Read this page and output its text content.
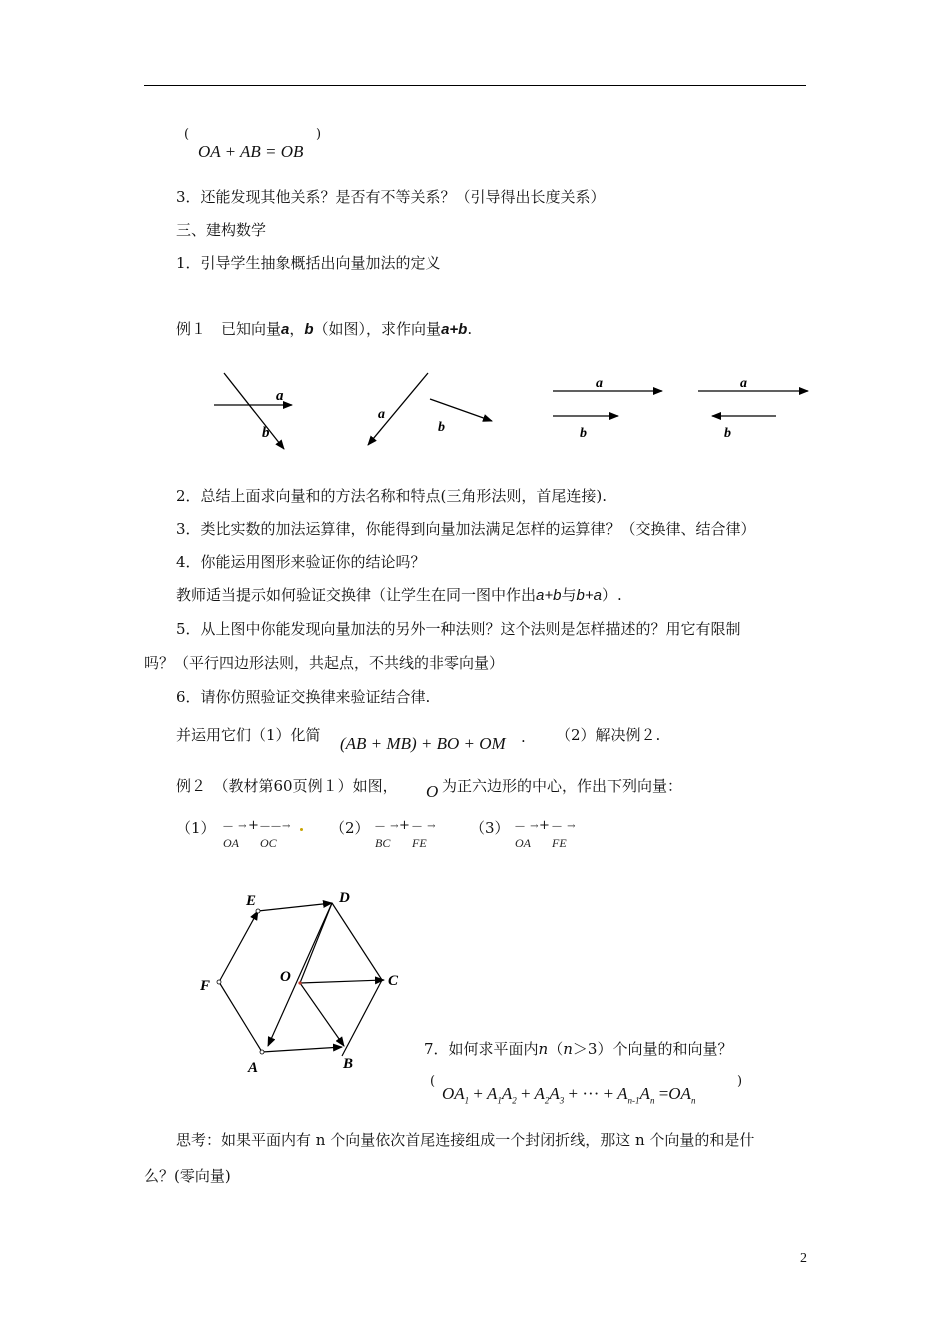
(	)
OA + AB = OB
3．还能发现其他关系？是否有不等关系？（引导得出长度关系）
三、建构数学
1．引导学生抽象概括出向量加法的定义
例１　已知向量a，b（如图），求作向量a+b.
a
b
a
b
a
b
a
b
2．总结上面求向量和的方法名称和特点(三角形法则，首尾连接).
3．类比实数的加法运算律，你能得到向量加法满足怎样的运算律？（交换律、结合律）
4．你能运用图形来验证你的结论吗？
教师适当提示如何验证交换律（让学生在同一图中作出a+b与b+a）.
5．从上图中你能发现向量加法的另外一种法则？这个法则是怎样描述的？用它有限制
吗？（平行四边形法则，共起点，不共线的非零向量）
6．请你仿照验证交换律来验证结合律.
并运用它们（1）化简 (AB + MB) + BO + OM . （2）解决例２.
例２　（教材第60页例１）如图， O 为正六边形的中心，作出下列向量：
（1） — → + ——→
OA OC
（2） — → + — →
BC FE
（3） — → + — →
OA FE
E	D
F
O	C
A	B
7．如何求平面内n（n＞3）个向量的和向量？
(	)
$OA_1 + A_1A_2 + A_2A_3$ + ··· + $A_{n-1}A_n =OA_n$
思考：如果平面内有 n 个向量依次首尾连接组成一个封闭折线，那这 n 个向量的和是什
么？(零向量)
2
